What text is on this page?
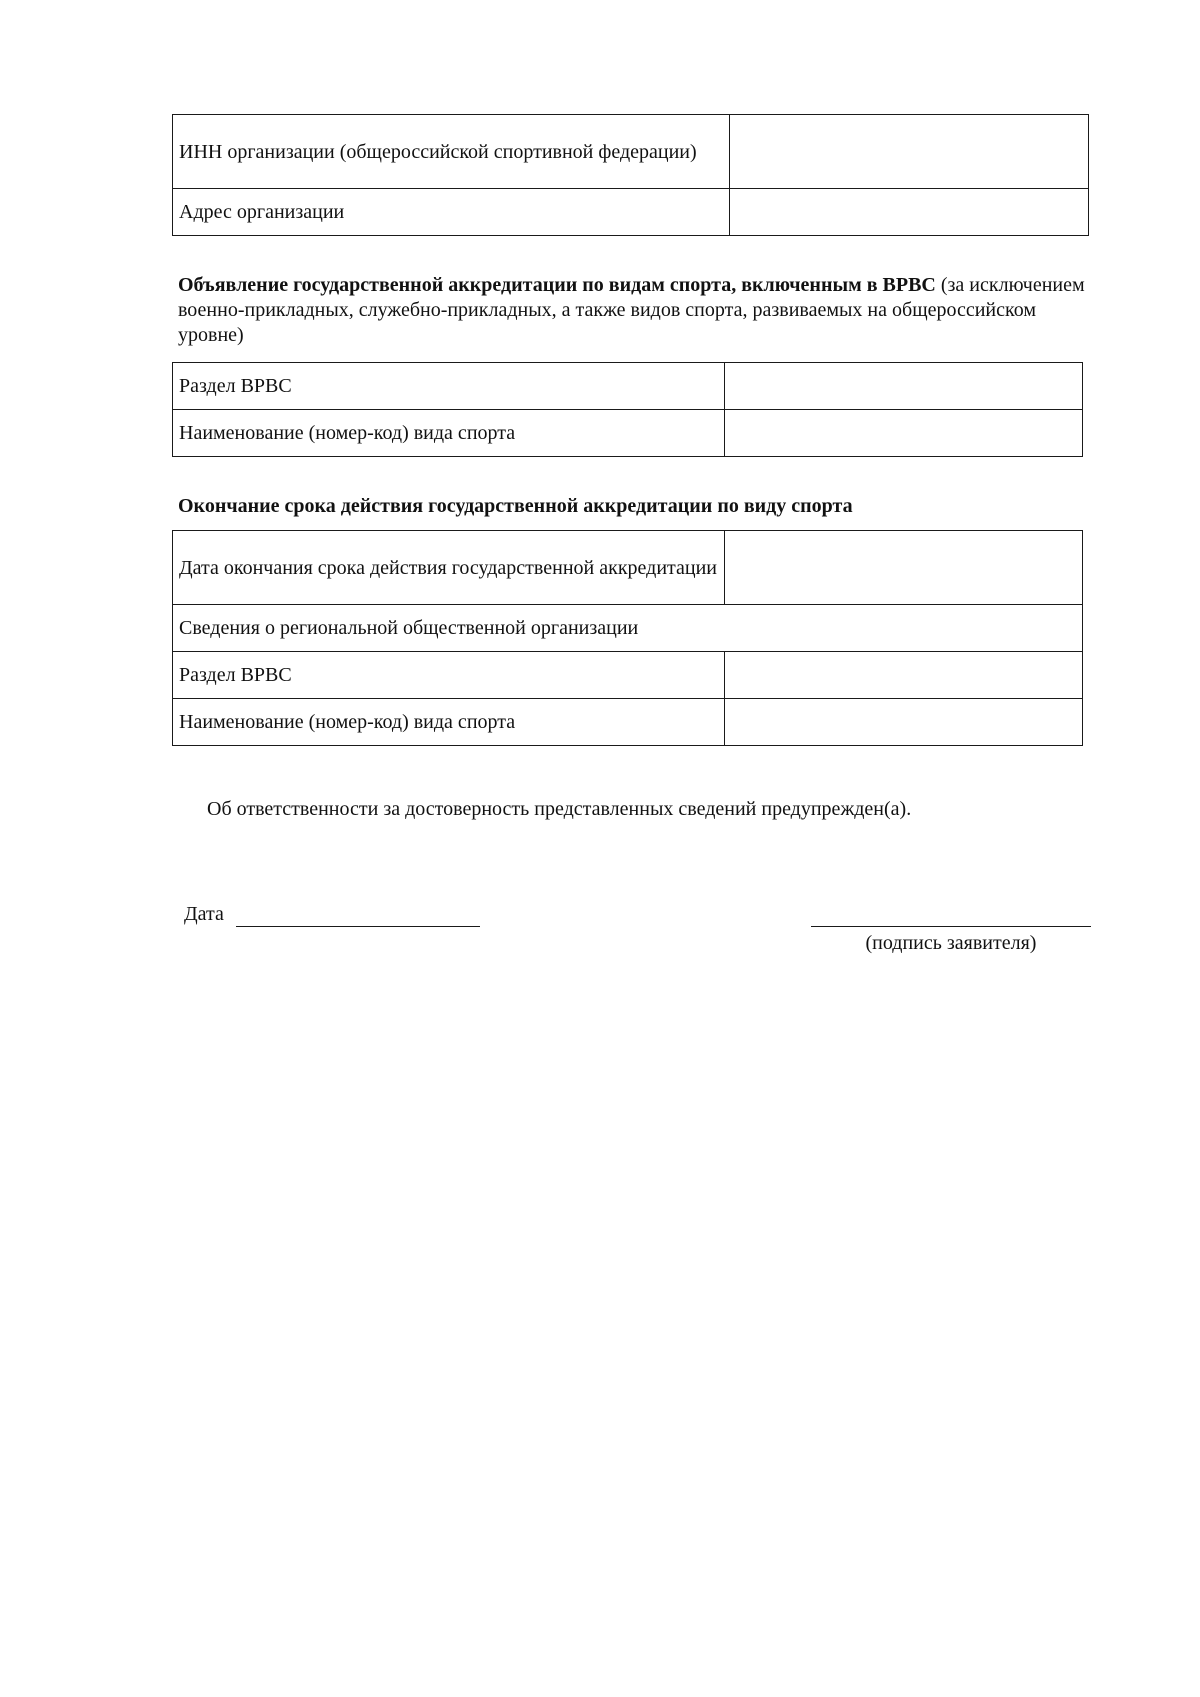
ИНН организации (общероссийской спортивной федерации)	
Адрес организации	

Объявление государственной аккредитации по видам спорта, включенным в ВРВС (за исключением военно-прикладных, служебно-прикладных, а также видов спорта, развиваемых на общероссийском уровне)

Раздел ВРВС	
Наименование (номер-код) вида спорта	

Окончание срока действия государственной аккредитации по виду спорта

Дата окончания срока действия государственной аккредитации	
Сведения о региональной общественной организации	
Раздел ВРВС	
Наименование (номер-код) вида спорта	

Об ответственности за достоверность представленных сведений предупрежден(а).

Дата
(подпись заявителя)
